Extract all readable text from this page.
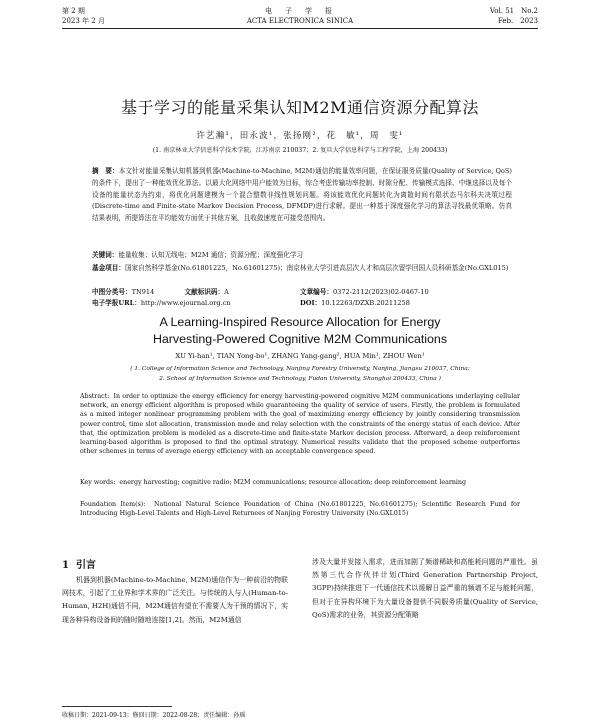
第 2 期
2023 年 2 月
电　子　学　报
ACTA ELECTRONICA SINICA
Vol. 51　No.2
Feb.　2023
基于学习的能量采集认知M2M通信资源分配算法
许艺瀚¹，田永波¹，张扬刚²，花　敏¹，周　雯¹
(1. 南京林业大学信息科学技术学院，江苏南京 210037；2. 复旦大学信息科学与工程学院，上海 200433)
摘　要：本文针对能量采集认知机器到机器(Machine-to-Machine, M2M)通信的能量效率问题，在保证服务质量(Quality of Service, QoS)的条件下，提出了一种能效优化算法。以最大化网络中用户能效为目标，综合考虑传输功率控制、时隙分配、传输模式选择、中继选择以及每个设备的能量状态为约束，将优化问题建模为一个混合整数非线性规划问题。将该能效优化问题转化为离散时间有限状态马尔科夫决策过程(Discrete-time and Finite-state Markov Decision Process, DFMDP)进行求解。提出一种基于深度强化学习的算法寻找最优策略。仿真结果表明，所提算法在平均能效方面优于其他方案，且收敛速度在可接受范围内。
关键词：能量收集；认知无线电；M2M 通信；资源分配；深度强化学习
基金项目：国家自然科学基金(No.61801225，No.61601275)；南京林业大学引进高层次人才和高层次留学回国人员科研基金(No.GXL015)
中图分类号：TN914	文献标识码：A	文章编号：0372-2112(2023)02-0467-10
电子学报URL：http://www.ejournal.org.cn	DOI：10.12263/DZXB.20211258
A Learning-Inspired Resource Allocation for Energy
Harvesting-Powered Cognitive M2M Communications
XU Yi-han¹, TIAN Yong-bo¹, ZHANG Yang-gang², HUA Min¹, ZHOU Wen¹
( 1. College of Information Science and Technology, Nanjing Forestry University, Nanjing, Jiangsu 210037, China;
2. School of Information Science and Technology, Fudan University, Shanghai 200433, China )
Abstract: In order to optimize the energy efficiency for energy harvesting-powered cognitive M2M communications underlaying cellular network, an energy efficient algorithm is proposed while guaranteeing the quality of service of users. Firstly, the problem is formulated as a mixed integer nonlinear programming problem with the goal of maximizing energy efficiency by jointly considering transmission power control, time slot allocation, transmission mode and relay selection with the constraints of the energy status of each device. After that, the optimization problem is modeled as a discrete-time and finite-state Markov decision process. Afterward, a deep reinforcement learning-based algorithm is proposed to find the optimal strategy. Numerical results validate that the proposed scheme outperforms other schemes in terms of average energy efficiency with an acceptable convergence speed.
Key words: energy harvesting; cognitive radio; M2M communications; resource allocation; deep reinforcement learning
Foundation Item(s): National Natural Science Foundation of China (No.61801225, No.61601275); Scientific Research Fund for Introducing High-Level Talents and High-Level Returnees of Nanjing Forestry University (No.GXL015)
1 引言
机器到机器(Machine-to-Machine, M2M)通信作为一种前沿的物联网技术，引起了工业界和学术界的广泛关注。与传统的人与人(Human-to-Human, H2H)通信不同，M2M通信有望在不需要人为干预的情况下，实现各种异构设备间的随时随地连接[1,2]。然而，M2M通信
涉及大量并发接入需求，进而加剧了频谱稀缺和高能耗问题的严重性。虽然第三代合作伙伴计划(Third Generation Partnership Project, 3GPP)持续推进下一代通信技术以缓解日益严重的频谱不足与能耗问题，但对于在异构环境下为大量设备提供不同服务质量(Quality of Service, QoS)需求的业务，其资源分配策略
收稿日期：2021-09-13；修回日期：2022-08-28；责任编辑：孙瑶
